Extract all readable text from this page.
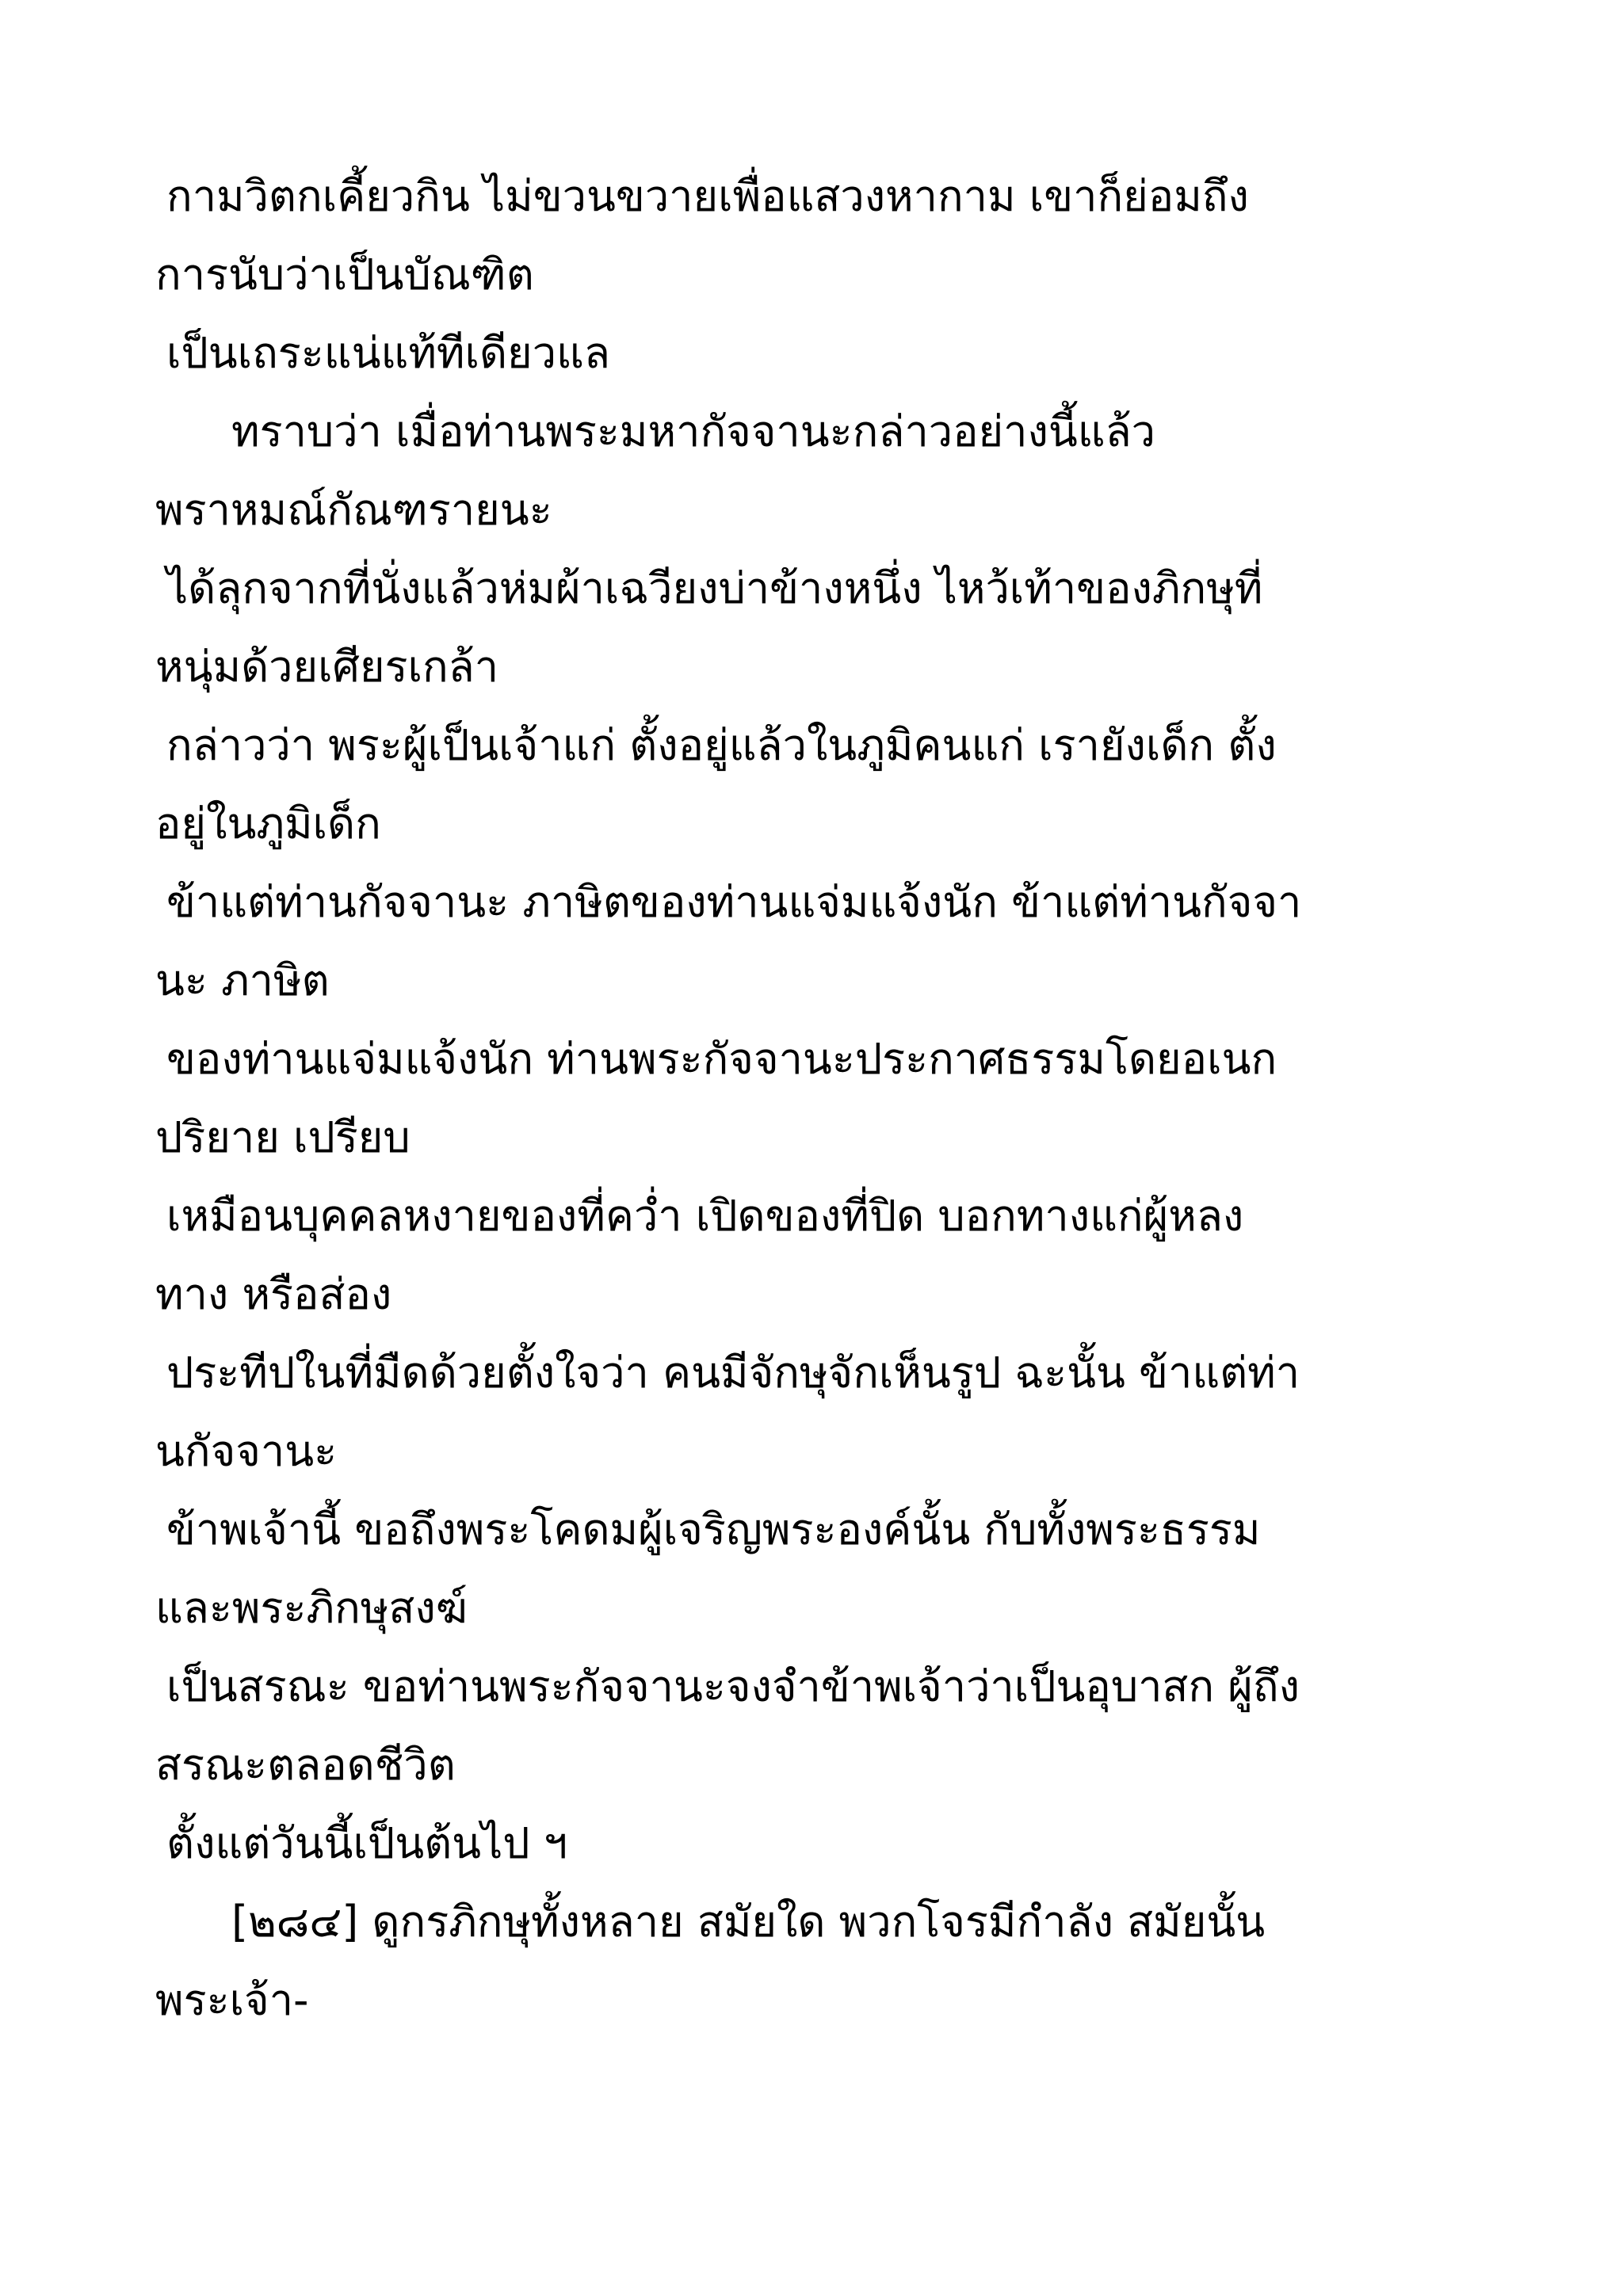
กามวิตกเคี้ยวกิน ไม่ขวนขวายเพื่อแสวงหากาม เขาก็ย่อมถึง
การนับว่าเป็นบัณฑิต
เป็นเถระแน่แท้ทีเดียวแล
ทราบว่า เมื่อท่านพระมหากัจจานะกล่าวอย่างนี้แล้ว
พราหมณ์กัณฑรายนะ
ได้ลุกจากที่นั่งแล้วห่มผ้าเฉวียงบ่าข้างหนึ่ง ไหว้เท้าของภิกษุที่
หนุ่มด้วยเศียรเกล้า
กล่าวว่า พระผู้เป็นเจ้าแก่ ตั้งอยู่แล้วในภูมิคนแก่ เรายังเด็ก ตั้ง
อยู่ในภูมิเด็ก
ข้าแต่ท่านกัจจานะ ภาษิตของท่านแจ่มแจ้งนัก ข้าแต่ท่านกัจจา
นะ ภาษิต
ของท่านแจ่มแจ้งนัก ท่านพระกัจจานะประกาศธรรมโดยอเนก
ปริยาย เปรียบ
เหมือนบุคคลหงายของที่คว่ำ เปิดของที่ปิด บอกทางแก่ผู้หลง
ทาง หรือส่อง
ประทีปในที่มืดด้วยตั้งใจว่า คนมีจักษุจักเห็นรูป ฉะนั้น ข้าแต่ท่า
นกัจจานะ
ข้าพเจ้านี้ ขอถึงพระโคดมผู้เจริญพระองค์นั้น กับทั้งพระธรรม
และพระภิกษุสงฆ์
เป็นสรณะ ขอท่านพระกัจจานะจงจำข้าพเจ้าว่าเป็นอุบาสก ผู้ถึง
สรณะตลอดชีวิต
ตั้งแต่วันนี้เป็นต้นไป ฯ
[๒๘๔] ดูกรภิกษุทั้งหลาย สมัยใด พวกโจรมีกำลัง สมัยนั้น
พระเจ้า-
